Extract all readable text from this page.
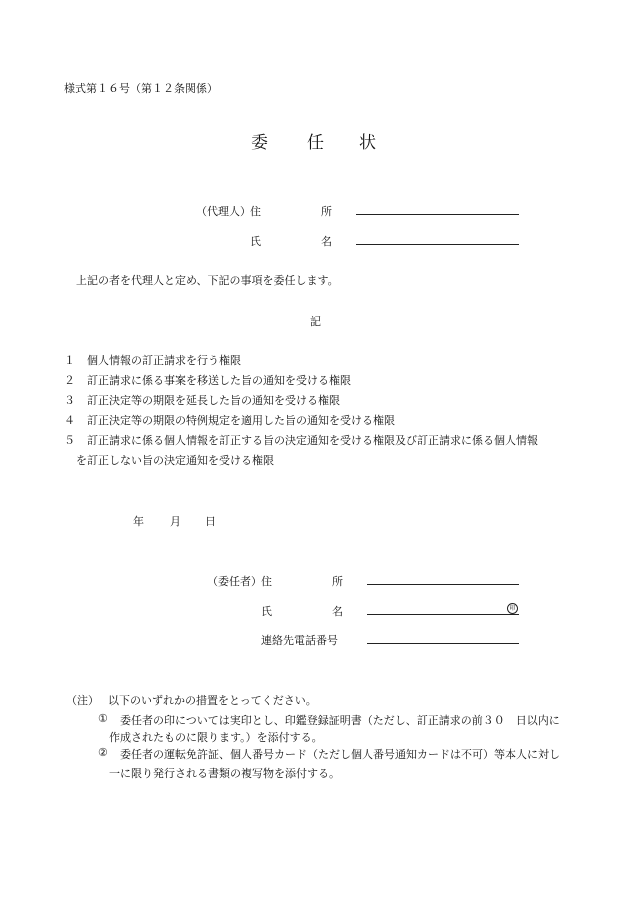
様式第１６号（第１２条関係）
委 任 状
（代理人） 住	所
氏	名
上記の者を代理人と定め、下記の事項を委任します。
記
１ 個人情報の訂正請求を行う権限
２ 訂正請求に係る事案を移送した旨の通知を受ける権限
３ 訂正決定等の期限を延長した旨の通知を受ける権限
４ 訂正決定等の期限の特例規定を適用した旨の通知を受ける権限
５ 訂正請求に係る個人情報を訂正する旨の決定通知を受ける権限及び訂正請求に係る個人情報
を訂正しない旨の決定通知を受ける権限
年 月 日
（委任者） 住	所
氏	名	印
連絡先電話番号
（注） 以下のいずれかの措置をとってください。
① 委任者の印については実印とし、印鑑登録証明書（ただし、訂正請求の前３０　日以内に
作成されたものに限ります。）を添付する。
② 委任者の運転免許証、個人番号カード（ただし個人番号通知カードは不可）等本人に対し
一に限り発行される書類の複写物を添付する。
